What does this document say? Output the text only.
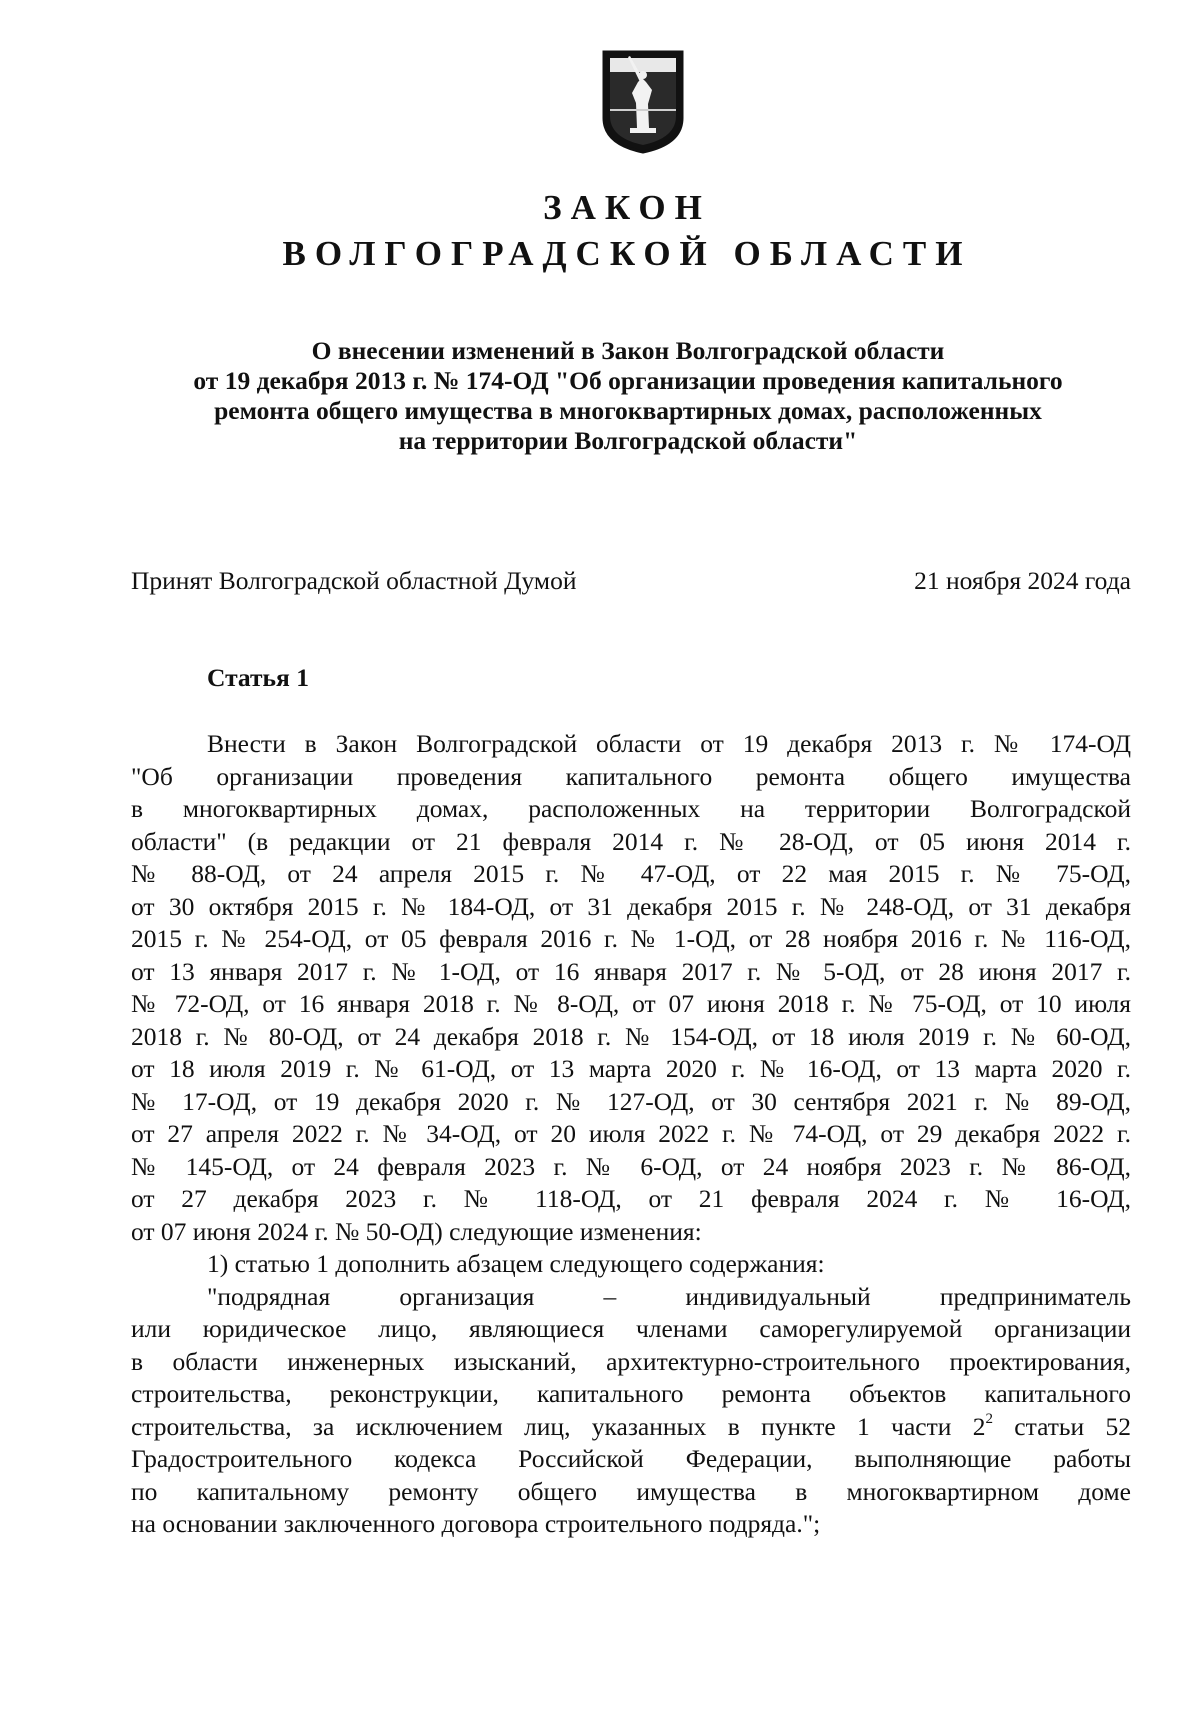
ЗАКОН
ВОЛГОГРАДСКОЙ ОБЛАСТИ
О внесении изменений в Закон Волгоградской области
от 19 декабря 2013 г. № 174-ОД "Об организации проведения капитального
ремонта общего имущества в многоквартирных домах, расположенных
на территории Волгоградской области"
Принят Волгоградской областной Думой	21 ноября 2024 года
Статья 1
Внести в Закон Волгоградской области от 19 декабря 2013 г. № 174-ОД
"Об организации проведения капитального ремонта общего имущества
в многоквартирных домах, расположенных на территории Волгоградской
области" (в редакции от 21 февраля 2014 г. № 28-ОД, от 05 июня 2014 г.
№ 88-ОД, от 24 апреля 2015 г. № 47-ОД, от 22 мая 2015 г. № 75-ОД,
от 30 октября 2015 г. № 184-ОД, от 31 декабря 2015 г. № 248-ОД, от 31 декабря
2015 г. № 254-ОД, от 05 февраля 2016 г. № 1-ОД, от 28 ноября 2016 г. № 116-ОД,
от 13 января 2017 г. № 1-ОД, от 16 января 2017 г. № 5-ОД, от 28 июня 2017 г.
№ 72-ОД, от 16 января 2018 г. № 8-ОД, от 07 июня 2018 г. № 75-ОД, от 10 июля
2018 г. № 80-ОД, от 24 декабря 2018 г. № 154-ОД, от 18 июля 2019 г. № 60-ОД,
от 18 июля 2019 г. № 61-ОД, от 13 марта 2020 г. № 16-ОД, от 13 марта 2020 г.
№ 17-ОД, от 19 декабря 2020 г. № 127-ОД, от 30 сентября 2021 г. № 89-ОД,
от 27 апреля 2022 г. № 34-ОД, от 20 июля 2022 г. № 74-ОД, от 29 декабря 2022 г.
№ 145-ОД, от 24 февраля 2023 г. № 6-ОД, от 24 ноября 2023 г. № 86-ОД,
от 27 декабря 2023 г. № 118-ОД, от 21 февраля 2024 г. № 16-ОД,
от 07 июня 2024 г. № 50-ОД) следующие изменения:
1) статью 1 дополнить абзацем следующего содержания:
"подрядная организация – индивидуальный предприниматель
или юридическое лицо, являющиеся членами саморегулируемой организации
в области инженерных изысканий, архитектурно-строительного проектирования,
строительства, реконструкции, капитального ремонта объектов капитального
строительства, за исключением лиц, указанных в пункте 1 части $2^2$ статьи 52
Градостроительного кодекса Российской Федерации, выполняющие работы
по капитальному ремонту общего имущества в многоквартирном доме
на основании заключенного договора строительного подряда.";
